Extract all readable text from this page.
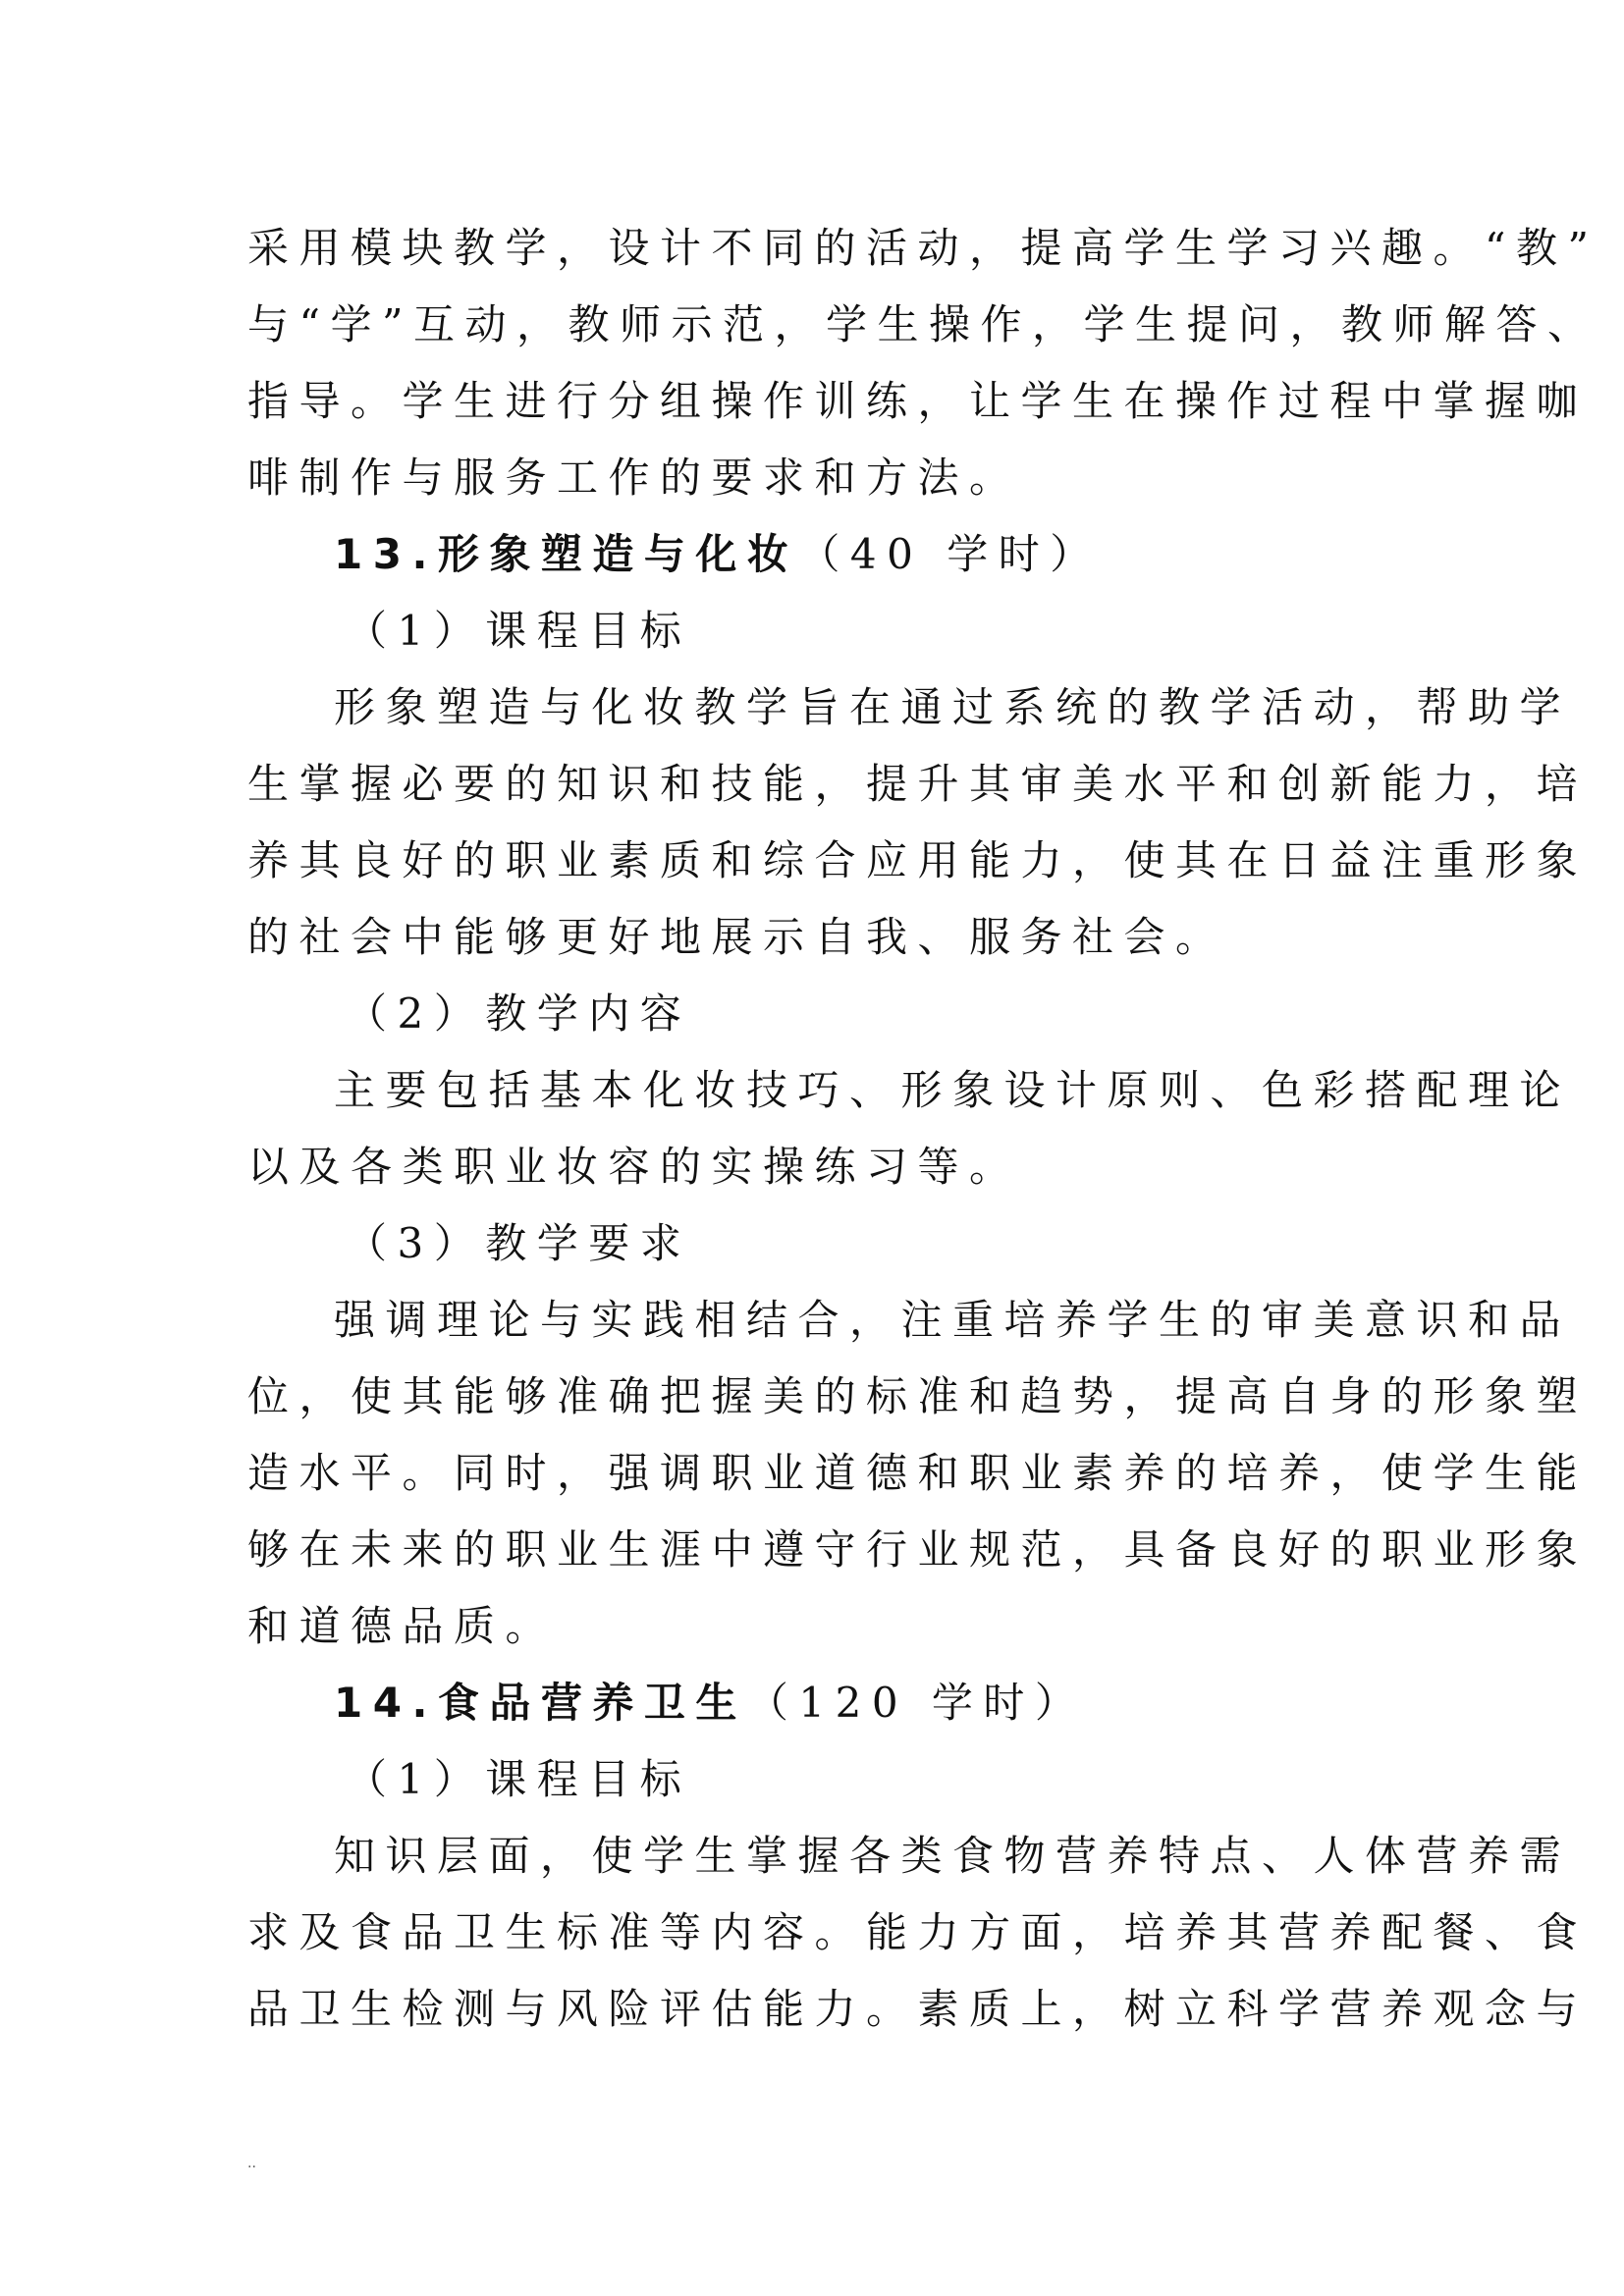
采用模块教学，设计不同的活动，提高学生学习兴趣。“教”
与“学”互动，教师示范，学生操作，学生提问，教师解答、
指导。学生进行分组操作训练，让学生在操作过程中掌握咖
啡制作与服务工作的要求和方法。
13.形象塑造与化妆（40 学时）
（1）课程目标
形象塑造与化妆教学旨在通过系统的教学活动，帮助学
生掌握必要的知识和技能，提升其审美水平和创新能力，培
养其良好的职业素质和综合应用能力，使其在日益注重形象
的社会中能够更好地展示自我、服务社会。
（2）教学内容
主要包括基本化妆技巧、形象设计原则、色彩搭配理论
以及各类职业妆容的实操练习等。
（3）教学要求
强调理论与实践相结合，注重培养学生的审美意识和品
位，使其能够准确把握美的标准和趋势，提高自身的形象塑
造水平。同时，强调职业道德和职业素养的培养，使学生能
够在未来的职业生涯中遵守行业规范，具备良好的职业形象
和道德品质。
14.食品营养卫生（120 学时）
（1）课程目标
知识层面，使学生掌握各类食物营养特点、人体营养需
求及食品卫生标准等内容。能力方面，培养其营养配餐、食
品卫生检测与风险评估能力。素质上，树立科学营养观念与
..
